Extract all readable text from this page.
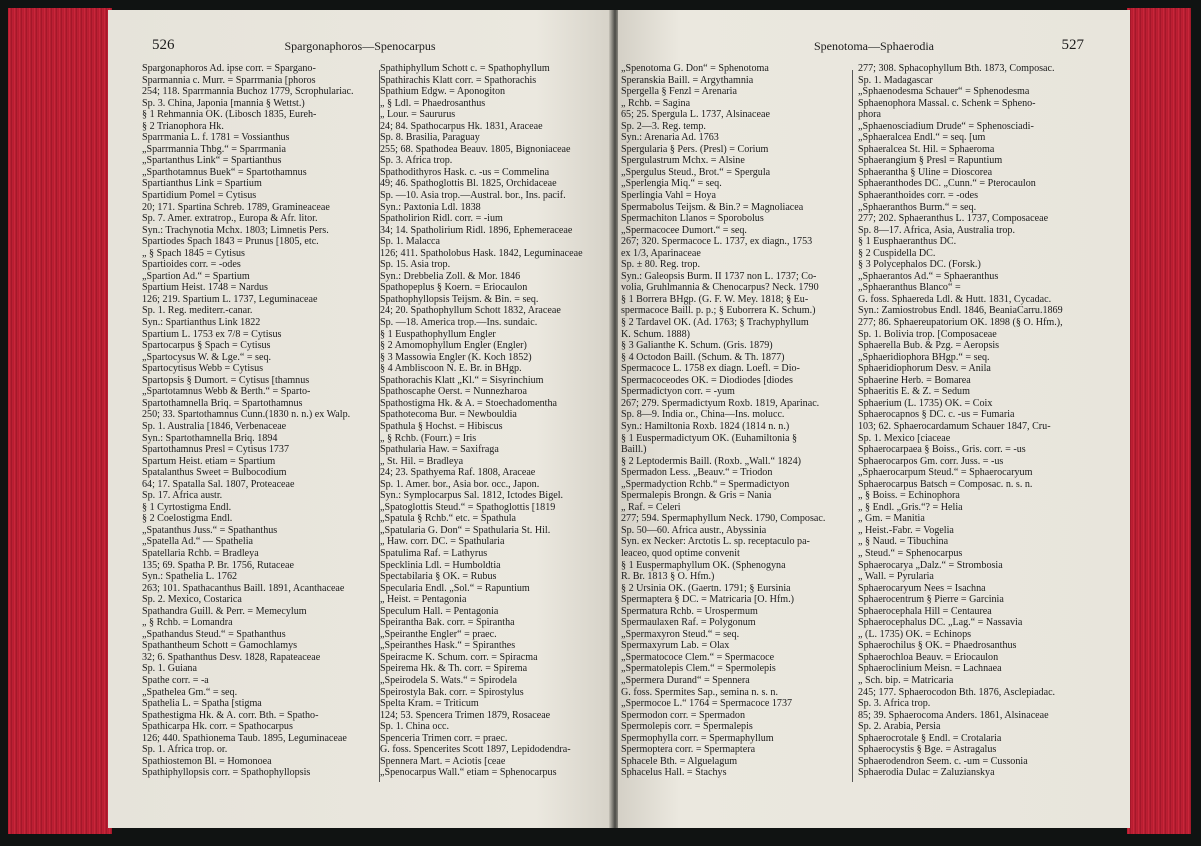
526	Spargonaphoros—Spenocarpus
Spargonaphoros Ad. ipse corr. = Spargano-
Sparmannia c. Murr. = Sparrmania [phoros
254; 118. Sparrmannia Buchoz 1779, Scrophulariac.
Sp. 3. China, Japonia [mannia § Wettst.)
§ 1 Rehmannia OK. (Libosch 1835, Eureh-
§ 2 Trianophora Hk.
Sparrmania L. f. 1781 = Vossianthus
„Sparrmannia Thbg.“ = Sparrmania
„Spartanthus Link“ = Spartianthus
„Sparthotamnus Buek“ = Spartothamnus
Spartianthus Link = Spartium
Spartidium Pomel = Cytisus
20; 171. Spartina Schreb. 1789, Gramineaceae
Sp. 7. Amer. extratrop., Europa & Afr. litor.
Syn.: Trachynotia Mchx. 1803; Limnetis Pers.
Spartiodes Spach 1843 = Prunus [1805, etc.
„ § Spach 1845 = Cytisus
Spartioides corr. = -odes
„Spartion Ad.“ = Spartium
Spartium Heist. 1748 = Nardus
126; 219. Spartium L. 1737, Leguminaceae
Sp. 1. Reg. mediterr.-canar.
Syn.: Spartianthus Link 1822
Spartium L. 1753 ex 7/8 = Cytisus
Spartocarpus § Spach = Cytisus
„Spartocysus W. & Lge.“ = seq.
Spartocytisus Webb = Cytisus
Spartopsis § Dumort. = Cytisus [thamnus
„Spartotamnus Webb & Berth.“ = Sparto-
Spartothamnella Briq. = Spartothamnus
250; 33. Spartothamnus Cunn.(1830 n. n.) ex Walp.
Sp. 1. Australia [1846, Verbenaceae
Syn.: Spartothamnella Briq. 1894
Spartothamnus Presl = Cytisus 1737
Spartum Heist. etiam = Spartium
Spatalanthus Sweet = Bulbocodium
64; 17. Spatalla Sal. 1807, Proteaceae
Sp. 17. Africa austr.
§ 1 Cyrtostigma Endl.
§ 2 Coelostigma Endl.
„Spatanthus Juss.“ = Spathanthus
„Spatella Ad.“ — Spathelia
Spatellaria Rchb. = Bradleya
135; 69. Spatha P. Br. 1756, Rutaceae
Syn.: Spathelia L. 1762
263; 101. Spathacanthus Baill. 1891, Acanthaceae
Sp. 2. Mexico, Costarica
Spathandra Guill. & Perr. = Memecylum
„ § Rchb. = Lomandra
„Spathandus Steud.“ = Spathanthus
Spathantheum Schott = Gamochlamys
32; 6. Spathanthus Desv. 1828, Rapateaceae
Sp. 1. Guiana
Spathe corr. = -a
„Spathelea Gm.“ = seq.
Spathelia L. = Spatha [stigma
Spathestigma Hk. & A. corr. Bth. = Spatho-
Spathicarpa Hk. corr. = Spathocarpus
126; 440. Spathionema Taub. 1895, Leguminaceae
Sp. 1. Africa trop. or.
Spathiostemon Bl. = Homonoea
Spathiphyllopsis corr. = Spathophyllopsis
Spathiphyllum Schott c. = Spathophyllum
Spathirachis Klatt corr. = Spathorachis
Spathium Edgw. = Aponogiton
„ § Ldl. = Phaedrosanthus
„ Lour. = Saururus
24; 84. Spathocarpus Hk. 1831, Araceae
Sp. 8. Brasilia, Paraguay
255; 68. Spathodea Beauv. 1805, Bignoniaceae
Sp. 3. Africa trop.
Spathodithyros Hask. c. -us = Commelina
49; 46. Spathoglottis Bl. 1825, Orchidaceae
Sp. —10. Asia trop.—Austral. bor., Ins. pacif.
Syn.: Paxtonia Ldl. 1838
Spatholirion Ridl. corr. = -ium
34; 14. Spatholirium Ridl. 1896, Ephemeraceae
Sp. 1. Malacca
126; 411. Spatholobus Hask. 1842, Leguminaceae
Sp. 15. Asia trop.
Syn.: Drebbelia Zoll. & Mor. 1846
Spathopeplus § Koern. = Eriocaulon
Spathophyllopsis Teijsm. & Bin. = seq.
24; 20. Spathophyllum Schott 1832, Araceae
Sp. —18. America trop.—Ins. sundaic.
§ 1 Euspathophyllum Engler
§ 2 Amomophyllum Engler (Engler)
§ 3 Massowia Engler (K. Koch 1852)
§ 4 Ambliscoon N. E. Br. in BHgp.
Spathorachis Klatt „Kl.“ = Sisyrinchium
Spathoscaphe Oerst. = Nunnezharoa
Spathostigma Hk. & A. = Stoechadomentha
Spathotecoma Bur. = Newbouldia
Spathula § Hochst. = Hibiscus
„ § Rchb. (Fourr.) = Iris
Spathularia Haw. = Saxifraga
„ St. Hil. = Bradleya
24; 23. Spathyema Raf. 1808, Araceae
Sp. 1. Amer. bor., Asia bor. occ., Japon.
Syn.: Symplocarpus Sal. 1812, Ictodes Bigel.
„Spatoglottis Steud.“ = Spathoglottis [1819
„Spatula § Rchb.“ etc. = Spathula
„Spatularia G. Don“ = Spathularia St. Hil.
„ Haw. corr. DC. = Spathularia
Spatulima Raf. = Lathyrus
Specklinia Ldl. = Humboldtia
Spectabilaria § OK. = Rubus
Specularia Endl. „Sol.“ = Rapuntium
„ Heist. = Pentagonia
Speculum Hall. = Pentagonia
Speirantha Bak. corr. = Spirantha
„Speiranthe Engler“ = praec.
„Speiranthes Hask.“ = Spiranthes
Speiracme K. Schum. corr. = Spiracma
Speirema Hk. & Th. corr. = Spirema
„Speirodela S. Wats.“ = Spirodela
Speirostyla Bak. corr. = Spirostylus
Spelta Kram. = Triticum
124; 53. Spencera Trimen 1879, Rosaceae
Sp. 1. China occ.
Spenceria Trimen corr. = praec.
G. foss. Spencerites Scott 1897, Lepidodendra-
Spennera Mart. = Aciotis [ceae
„Spenocarpus Wall.“ etiam = Sphenocarpus
Spenotoma—Sphaerodia	527
„Spenotoma G. Don“ = Sphenotoma
Speranskia Baill. = Argythamnia
Spergella § Fenzl = Arenaria
„ Rchb. = Sagina
65; 25. Spergula L. 1737, Alsinaceae
Sp. 2—3. Reg. temp.
Syn.: Arenaria Ad. 1763
Spergularia § Pers. (Presl) = Corium
Spergulastrum Mchx. = Alsine
„Spergulus Steud., Brot.“ = Spergula
„Sperlengia Miq.“ = seq.
Sperlingia Vahl = Hoya
Spermabolus Teijsm. & Bin.? = Magnoliacea
Spermachiton Llanos = Sporobolus
„Spermacocee Dumort.“ = seq.
267; 320. Spermacoce L. 1737, ex diagn., 1753
ex 1/3, Aparinaceae
Sp. ± 80. Reg. trop.
Syn.: Galeopsis Burm. II 1737 non L. 1737; Co-
volia, Gruhlmannia & Chenocarpus? Neck. 1790
§ 1 Borrera BHgp. (G. F. W. Mey. 1818; § Eu-
spermacoce Baill. p. p.; § Euborrera K. Schum.)
§ 2 Tardavel OK. (Ad. 1763; § Trachyphyllum
K. Schum. 1888)
§ 3 Galianthe K. Schum. (Gris. 1879)
§ 4 Octodon Baill. (Schum. & Th. 1877)
Spermacoce L. 1758 ex diagn. Loefl. = Dio-
Spermacoceodes OK. = Diodiodes [diodes
Spermadictyon corr. = -yum
267; 279. Spermadictyum Roxb. 1819, Aparinac.
Sp. 8—9. India or., China—Ins. molucc.
Syn.: Hamiltonia Roxb. 1824 (1814 n. n.)
§ 1 Euspermadictyum OK. (Euhamiltonia §
Baill.)
§ 2 Leptodermis Baill. (Roxb. „Wall.“ 1824)
Spermadon Less. „Beauv.“ = Triodon
„Spermadyction Rchb.“ = Spermadictyon
Spermalepis Brongn. & Gris = Nania
„ Raf. = Celeri
277; 594. Spermaphyllum Neck. 1790, Composac.
Sp. 50—60. Africa austr., Abyssinia
Syn. ex Necker: Arctotis L. sp. receptaculo pa-
leaceo, quod optime convenit
§ 1 Euspermaphyllum OK. (Sphenogyna
R. Br. 1813 § O. Hfm.)
§ 2 Ursinia OK. (Gaertn. 1791; § Eursinia
Spermaptera § DC. = Matricaria [O. Hfm.)
Spermatura Rchb. = Urospermum
Spermaulaxen Raf. = Polygonum
„Spermaxyron Steud.“ = seq.
Spermaxyrum Lab. = Olax
„Spermatococe Clem.“ = Spermacoce
„Spermatolepis Clem.“ = Spermolepis
„Spermera Durand“ = Spennera
G. foss. Spermites Sap., semina n. s. n.
„Spermocoe L.“ 1764 = Spermacoce 1737
Spermodon corr. = Spermadon
Spermolepis corr. = Spermalepis
Spermophylla corr. = Spermaphyllum
Spermoptera corr. = Spermaptera
Sphacele Bth. = Alguelagum
Sphacelus Hall. = Stachys
277; 308. Sphacophyllum Bth. 1873, Composac.
Sp. 1. Madagascar
„Sphaenodesma Schauer“ = Sphenodesma
Sphaenophora Massal. c. Schenk = Spheno-
phora
„Sphaenosciadium Drude“ = Sphenosciadi-
„Sphaeralcea Endl.“ = seq. [um
Sphaeralcea St. Hil. = Sphaeroma
Sphaerangium § Presl = Rapuntium
Sphaerantha § Uline = Dioscorea
Sphaeranthodes DC. „Cunn.“ = Pterocaulon
Sphaeranthoides corr. = -odes
„Sphaeranthos Burm.“ = seq.
277; 202. Sphaeranthus L. 1737, Composaceae
Sp. 8—17. Africa, Asia, Australia trop.
§ 1 Eusphaeranthus DC.
§ 2 Cuspidella DC.
§ 3 Polycephalos DC. (Forsk.)
„Sphaerantos Ad.“ = Sphaeranthus
„Sphaeranthus Blanco“ =
G. foss. Sphaereda Ldl. & Hutt. 1831, Cycadac.
Syn.: Zamiostrobus Endl. 1846, BeaniaCarru.1869
277; 86. Sphaereupatorium OK. 1898 (§ O. Hfm.),
Sp. 1. Bolivia trop. [Composaceae
Sphaerella Bub. & Pzg. = Aeropsis
„Sphaeridiophora BHgp.“ = seq.
Sphaeridiophorum Desv. = Anila
Sphaerine Herb. = Bomarea
Sphaeritis E. & Z. = Sedum
Sphaerium (L. 1735) OK. = Coix
Sphaerocapnos § DC. c. -us = Fumaria
103; 62. Sphaerocardamum Schauer 1847, Cru-
Sp. 1. Mexico [ciaceae
Sphaerocarpaea § Boiss., Gris. corr. = -us
Sphaerocarpos Gm. corr. Juss. = -us
„Sphaerocarpum Steud.“ = Sphaerocaryum
Sphaerocarpus Batsch = Composac. n. s. n.
„ § Boiss. = Echinophora
„ § Endl. „Gris.“? = Helia
„ Gm. = Manitia
„ Heist.-Fabr. = Vogelia
„ § Naud. = Tibuchina
„ Steud.“ = Sphenocarpus
Sphaerocarya „Dalz.“ = Strombosia
„ Wall. = Pyrularia
Sphaerocaryum Nees = Isachna
Sphaerocentrum § Pierre = Garcinia
Sphaerocephala Hill = Centaurea
Sphaerocephalus DC. „Lag.“ = Nassavia
„ (L. 1735) OK. = Echinops
Sphaerochilus § OK. = Phaedrosanthus
Sphaerochloa Beauv. = Eriocaulon
Sphaeroclinium Meisn. = Lachnaea
„ Sch. bip. = Matricaria
245; 177. Sphaerocodon Bth. 1876, Asclepiadac.
Sp. 3. Africa trop.
85; 39. Sphaerocoma Anders. 1861, Alsinaceae
Sp. 2. Arabia, Persia
Sphaerocrotale § Endl. = Crotalaria
Sphaerocystis § Bge. = Astragalus
Sphaerodendron Seem. c. -um = Cussonia
Sphaerodia Dulac = Zaluzianskya
